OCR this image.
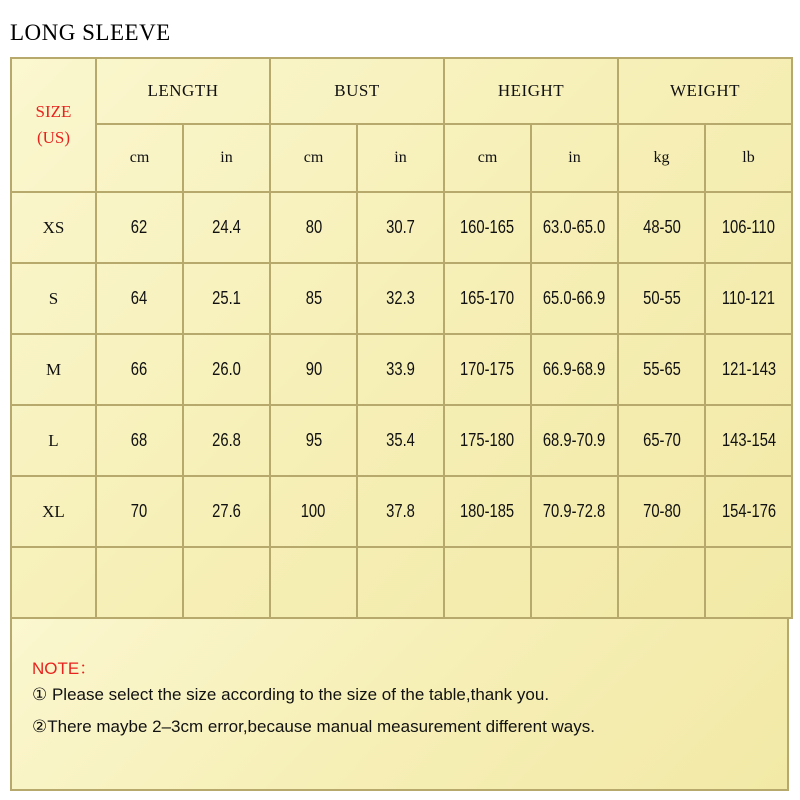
LONG SLEEVE
SIZE
(US)	LENGTH		BUST		HEIGHT		WEIGHT	
	cm	in	cm	in	cm	in	kg	lb
XS	62	24.4	80	30.7	160-165	63.0-65.0	48-50	106-110
S	64	25.1	85	32.3	165-170	65.0-66.9	50-55	110-121
M	66	26.0	90	33.9	170-175	66.9-68.9	55-65	121-143
L	68	26.8	95	35.4	175-180	68.9-70.9	65-70	143-154
XL	70	27.6	100	37.8	180-185	70.9-72.8	70-80	154-176

NOTE：
① Please select the size according to the size of the table,thank you.
②There maybe 2–3cm error,because manual measurement different ways.
